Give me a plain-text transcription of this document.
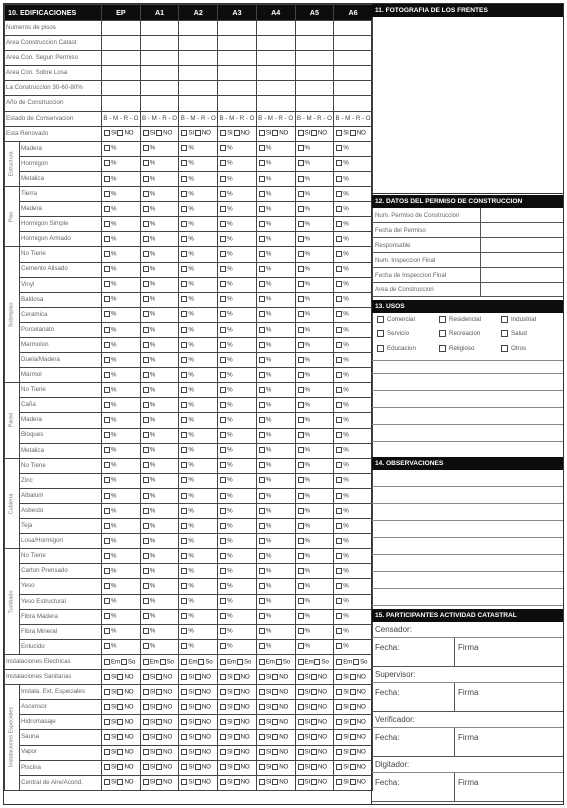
10. EDIFICACIONES		EP	A1	A2	A3	A4	A5	A6
Numeros de pisos								
Area Construccion Catast								
Area Con. Segun Permiso								
Area Con. Sobre Losa								
La Construccion 30-60-80%								
Año de Construccion								
Estado de Conservacion		B - M - R - O	B - M - R - O	B - M - R - O	B - M - R - O	B - M - R - O	B - M - R - O	B - M - R - O
Esta Renovado		SI NO	SI NO	SI NO	SI NO	SI NO	SI NO	SI NO

Estructura	Madera	%	%	%	%	%	%	%
	Hormigon	%	%	%	%	%	%	%
	Metalica	%	%	%	%	%	%	%

Piso	Tierra	%	%	%	%	%	%	%
	Madera	%	%	%	%	%	%	%
	Hormigon Simple	%	%	%	%	%	%	%
	Hormigon Armado	%	%	%	%	%	%	%

Sobrepiso	No Tiene	%	%	%	%	%	%	%
	Cemento Alisado	%	%	%	%	%	%	%
	Vinyl	%	%	%	%	%	%	%
	Baldosa	%	%	%	%	%	%	%
	Ceramica	%	%	%	%	%	%	%
	Porcelanato	%	%	%	%	%	%	%
	Marmolon	%	%	%	%	%	%	%
	Duela/Madera	%	%	%	%	%	%	%
	Marmol	%	%	%	%	%	%	%

Pared	No Tiene	%	%	%	%	%	%	%
	Caña	%	%	%	%	%	%	%
	Madera	%	%	%	%	%	%	%
	Bloques	%	%	%	%	%	%	%
	Metalica	%	%	%	%	%	%	%

Cubierta	No Tiene	%	%	%	%	%	%	%
	Zinc	%	%	%	%	%	%	%
	Albalum	%	%	%	%	%	%	%
	Asbesto	%	%	%	%	%	%	%
	Teja	%	%	%	%	%	%	%
	Losa/Hormigon	%	%	%	%	%	%	%

Tumbado	No Tiene	%	%	%	%	%	%	%
	Carton Prensado	%	%	%	%	%	%	%
	Yeso	%	%	%	%	%	%	%
	Yeso Estructural	%	%	%	%	%	%	%
	Fibra Madera	%	%	%	%	%	%	%
	Fibra Mineral	%	%	%	%	%	%	%
	Enlucido	%	%	%	%	%	%	%
Instalaciones Electricas		Em So	Em So	Em So	Em So	Em So	Em So	Em So
Instalaciones Sanitarias		SI NO	SI NO	SI NO	SI NO	SI NO	SI NO	SI NO

Instalaciones Especiales	Instala. Ext. Especiales	SI NO	SI NO	SI NO	SI NO	SI NO	SI NO	SI NO
	Ascensor	SI NO	SI NO	SI NO	SI NO	SI NO	SI NO	SI NO
	Hidromasaje	SI NO	SI NO	SI NO	SI NO	SI NO	SI NO	SI NO
	Sauna	SI NO	SI NO	SI NO	SI NO	SI NO	SI NO	SI NO
	Vapor	SI NO	SI NO	SI NO	SI NO	SI NO	SI NO	SI NO
	Piscina	SI NO	SI NO	SI NO	SI NO	SI NO	SI NO	SI NO
	Central de Aire/Acond.	SI NO	SI NO	SI NO	SI NO	SI NO	SI NO	SI NO
11. FOTOGRAFIA DE LOS FRENTES
12. DATOS DEL PERMISO DE CONSTRUCCION
Num. Permiso de Construccion
Fecha del Permiso
Responsable
Num. Inspeccion Final
Fecha de Inspeccion Final
Area de Construccion
13. USOS
Comercial	Residencial	Industrial
Servicio	Recreacion	Salud
Educacion	Religioso	Otros
14. OBSERVACIONES
15. PARTICIPANTES ACTIVIDAD CATASTRAL
Censador:
Fecha:	Firma
Supervisor:
Fecha:	Firma
Verificador:
Fecha:	Firma
Digitador:
Fecha:	Firma
